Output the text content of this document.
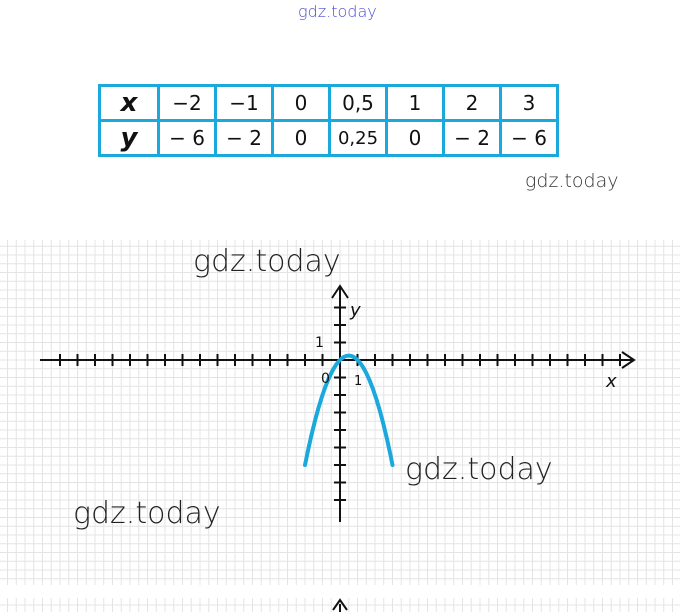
gdz.today
x	−2	−1	0	0,5	1	2	3
y	− 6	− 2	0	0,25	0	− 2	− 6
gdz.today
x
y
0 1
1
gdz.today
gdz.today
gdz.today
